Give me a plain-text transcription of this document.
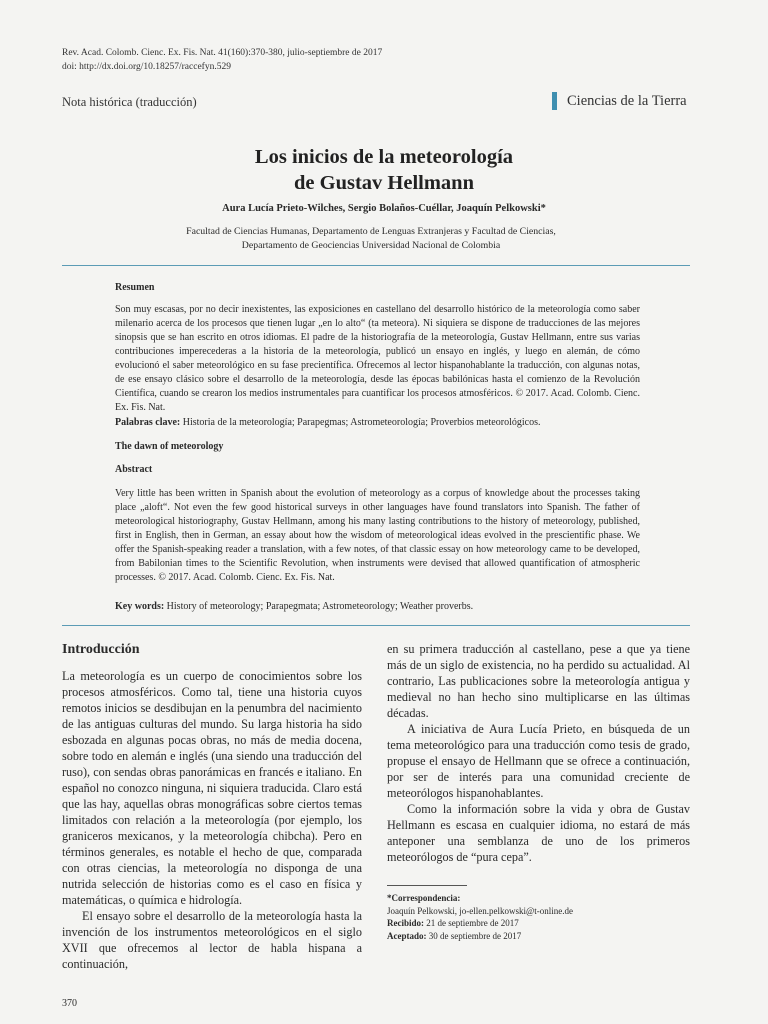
Rev. Acad. Colomb. Cienc. Ex. Fis. Nat. 41(160):370-380, julio-septiembre de 2017
doi: http://dx.doi.org/10.18257/raccefyn.529
Nota histórica (traducción)	Ciencias de la Tierra
Los inicios de la meteorología
de Gustav Hellmann
Aura Lucía Prieto-Wilches, Sergio Bolaños-Cuéllar, Joaquín Pelkowski*
Facultad de Ciencias Humanas, Departamento de Lenguas Extranjeras y Facultad de Ciencias,
Departamento de Geociencias Universidad Nacional de Colombia
Resumen
Son muy escasas, por no decir inexistentes, las exposiciones en castellano del desarrollo histórico de la meteorología como saber milenario acerca de los procesos que tienen lugar „en lo alto“ (ta meteora). Ni siquiera se dispone de traducciones de las mejores sinopsis que se han escrito en otros idiomas. El padre de la historiografía de la meteorología, Gustav Hellmann, entre sus varias contribuciones imperecederas a la historia de la meteorología, publicó un ensayo en inglés, y luego en alemán, de cómo evolucionó el saber meteorológico en su fase precientífica. Ofrecemos al lector hispanohablante la traducción, con algunas notas, de ese ensayo clásico sobre el desarrollo de la meteorología, desde las épocas babilónicas hasta el comienzo de la Revolución Científica, cuando se crearon los medios instrumentales para cuantificar los procesos atmosféricos. © 2017. Acad. Colomb. Cienc. Ex. Fis. Nat.
Palabras clave: Historia de la meteorología; Parapegmas; Astrometeorología; Proverbios meteorológicos.
The dawn of meteorology
Abstract
Very little has been written in Spanish about the evolution of meteorology as a corpus of knowledge about the processes taking place „aloft“. Not even the few good historical surveys in other languages have found translators into Spanish. The father of meteorological historiography, Gustav Hellmann, among his many lasting contributions to the history of meteorology, published, first in English, then in German, an essay about how the wisdom of meteorological ideas evolved in the prescientific phase. We offer the Spanish-speaking reader a translation, with a few notes, of that classic essay on how meteorology came to be developed, from Babilonian times to the Scientific Revolution, when instruments were devised that allowed quantification of atmospheric processes. © 2017. Acad. Colomb. Cienc. Ex. Fis. Nat.
Key words: History of meteorology; Parapegmata; Astrometeorology; Weather proverbs.
Introducción

La meteorología es un cuerpo de conocimientos sobre los procesos atmosféricos. Como tal, tiene una historia cuyos remotos inicios se desdibujan en la penumbra del nacimiento de las antiguas culturas del mundo. Su larga historia ha sido esbozada en algunas pocas obras, no más de media docena, sobre todo en alemán e inglés (una siendo una traducción del ruso), con sendas obras panorámicas en francés e italiano. En español no conozco ninguna, ni siquiera traducida. Claro está que las hay, aquellas obras monográficas sobre ciertos temas limitados con relación a la meteorología (por ejemplo, los graniceros mexicanos, y la meteorología chibcha). Pero en términos generales, es notable el hecho de que, comparada con otras ciencias, la meteorología no disponga de una nutrida selección de historias como es el caso en física y matemáticas, o química e hidrología.

El ensayo sobre el desarrollo de la meteorología hasta la invención de los instrumentos meteorológicos en el siglo XVII que ofrecemos al lector de habla hispana a continuación,

en su primera traducción al castellano, pese a que ya tiene más de un siglo de existencia, no ha perdido su actualidad. Al contrario, Las publicaciones sobre la meteorología antigua y medieval no han hecho sino multiplicarse en las últimas décadas.

A iniciativa de Aura Lucía Prieto, en búsqueda de un tema meteorológico para una traducción como tesis de grado, propuse el ensayo de Hellmann que se ofrece a continuación, por ser de interés para una comunidad creciente de meteorólogos hispanohablantes.

Como la información sobre la vida y obra de Gustav Hellmann es escasa en cualquier idioma, no estará de más anteponer una semblanza de uno de los primeros meteorólogos de “pura cepa”.

*Correspondencia:
Joaquín Pelkowski, jo-ellen.pelkowski@t-online.de
Recibido: 21 de septiembre de 2017
Aceptado: 30 de septiembre de 2017
370
